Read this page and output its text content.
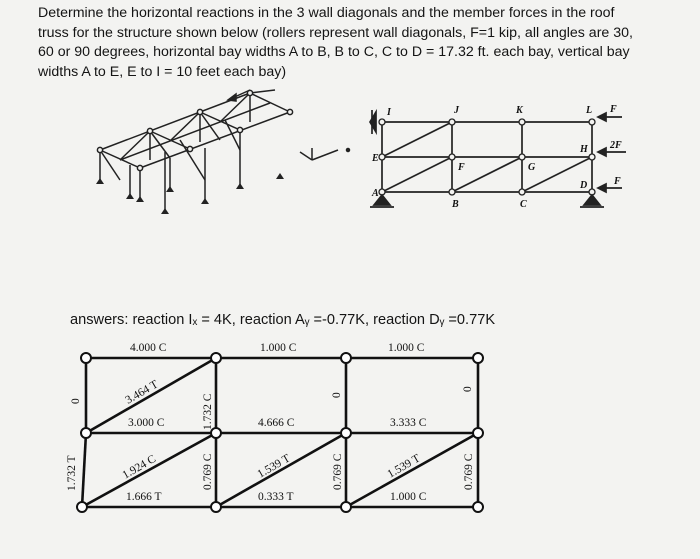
Determine the horizontal reactions in the 3 wall diagonals and the member forces in the roof
truss for the structure shown below (rollers represent wall diagonals, F=1 kip, all angles are 30,
60 or 90 degrees, horizontal bay widths A to B, B to C, C to D = 17.32 ft. each bay, vertical bay
widths A to E, E to I = 10 feet each bay)
I	J	K	L
E
F	G
H
A
B	C
D
F
2F
F
4.000 C	1.000 C	1.000 C
3.000 C	4.666 C	3.333 C
1.666 T	0.333 T	1.000 C
0	1.732 C	0
0
1.732 T	0.769 C	0.769 C	0.769 C
3.464 T
1.924 C	1.539 T	1.539 T

answers: reaction Iₓ = 4K, reaction Aᵧ =-0.77K, reaction Dᵧ =0.77K
